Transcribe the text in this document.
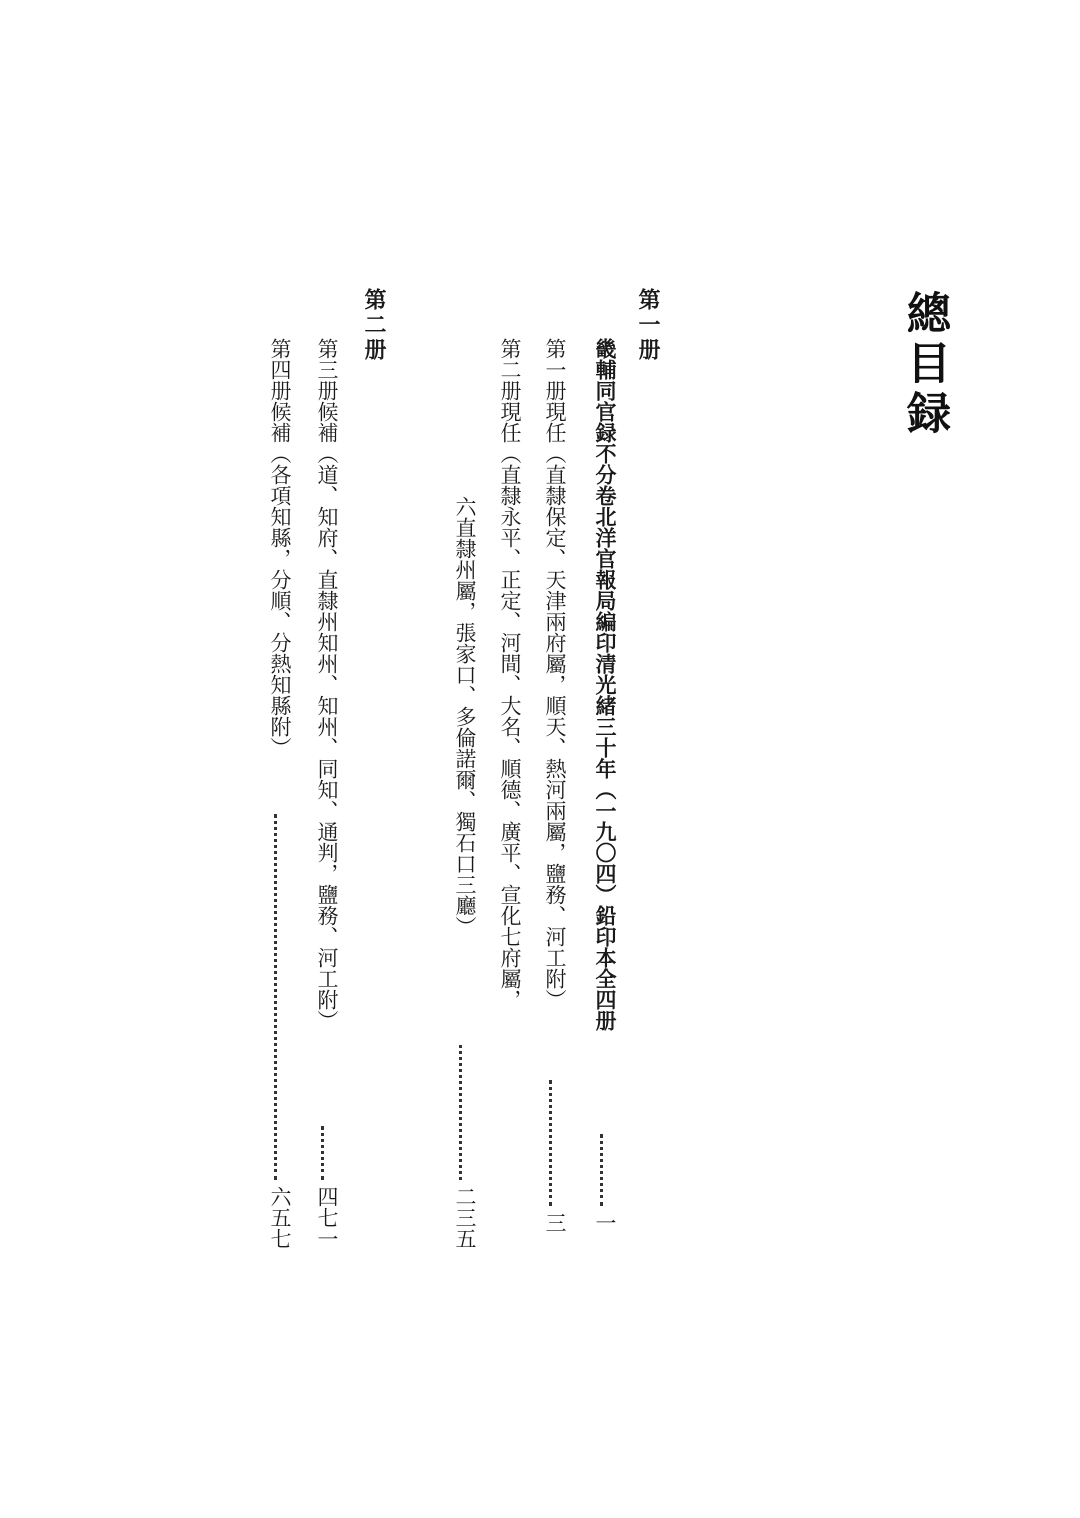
總目録
第一册
畿輔同官録不分卷北洋官報局編印清光緒三十年（一九〇四）鉛印本全四册
一
第一册現任（直隸保定、天津兩府屬，順天、熱河兩屬，鹽務、河工附）
三
第二册現任（直隸永平、正定、河間、大名、順德、廣平、宣化七府屬，
六直隸州屬，張家口、多倫諾爾、獨石口三廳）
二三五
第二册
第三册候補（道、知府、直隸州知州、知州、同知、通判，鹽務、河工附）
四七一
第四册候補（各項知縣，分順、分熱知縣附）
六五七
